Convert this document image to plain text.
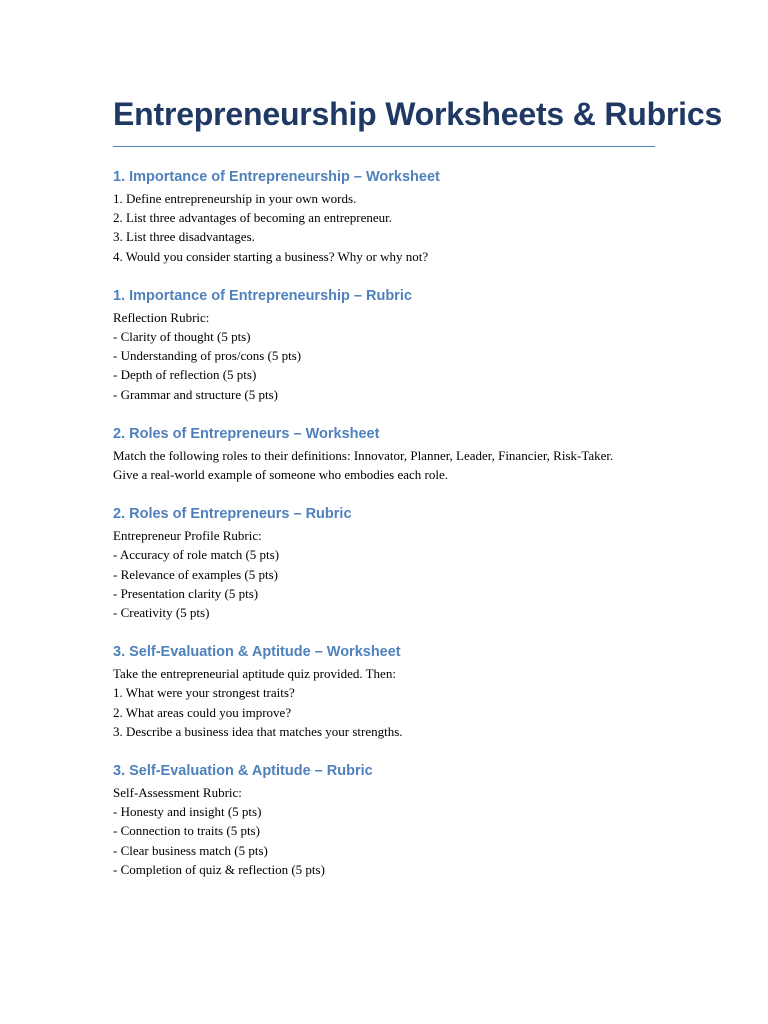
Entrepreneurship Worksheets & Rubrics
1. Importance of Entrepreneurship – Worksheet

1. Define entrepreneurship in your own words.
2. List three advantages of becoming an entrepreneur.
3. List three disadvantages.
4. Would you consider starting a business? Why or why not?

1. Importance of Entrepreneurship – Rubric

Reflection Rubric:
- Clarity of thought (5 pts)
- Understanding of pros/cons (5 pts)
- Depth of reflection (5 pts)
- Grammar and structure (5 pts)

2. Roles of Entrepreneurs – Worksheet

Match the following roles to their definitions: Innovator, Planner, Leader, Financier, Risk-Taker.
Give a real-world example of someone who embodies each role.

2. Roles of Entrepreneurs – Rubric

Entrepreneur Profile Rubric:
- Accuracy of role match (5 pts)
- Relevance of examples (5 pts)
- Presentation clarity (5 pts)
- Creativity (5 pts)

3. Self-Evaluation & Aptitude – Worksheet

Take the entrepreneurial aptitude quiz provided. Then:
1. What were your strongest traits?
2. What areas could you improve?
3. Describe a business idea that matches your strengths.

3. Self-Evaluation & Aptitude – Rubric

Self-Assessment Rubric:
- Honesty and insight (5 pts)
- Connection to traits (5 pts)
- Clear business match (5 pts)
- Completion of quiz & reflection (5 pts)
